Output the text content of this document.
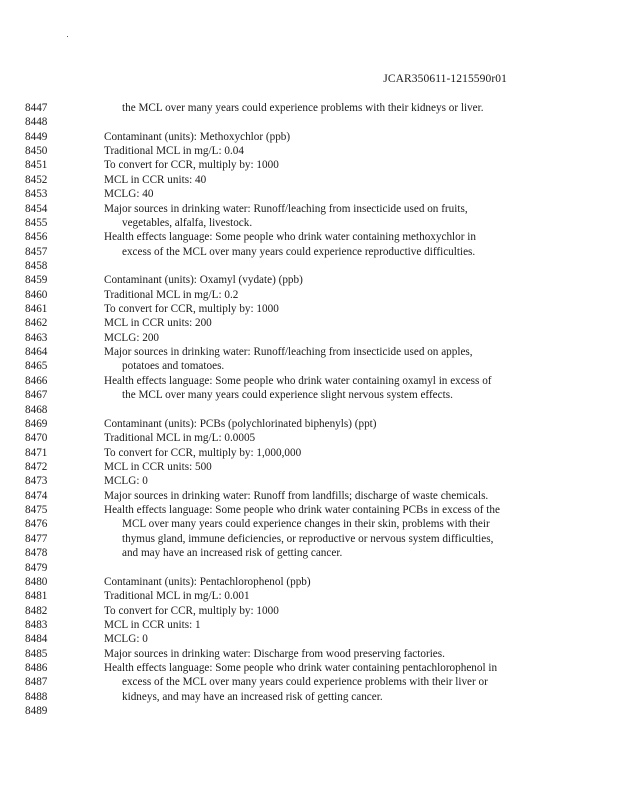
JCAR350611-1215590r01
8447	the MCL over many years could experience problems with their kidneys or liver.
8448
8449	Contaminant (units): Methoxychlor (ppb)
8450	Traditional MCL in mg/L: 0.04
8451	To convert for CCR, multiply by: 1000
8452	MCL in CCR units: 40
8453	MCLG: 40
8454	Major sources in drinking water: Runoff/leaching from insecticide used on fruits,
8455	vegetables, alfalfa, livestock.
8456	Health effects language: Some people who drink water containing methoxychlor in
8457	excess of the MCL over many years could experience reproductive difficulties.
8458
8459	Contaminant (units): Oxamyl (vydate) (ppb)
8460	Traditional MCL in mg/L: 0.2
8461	To convert for CCR, multiply by: 1000
8462	MCL in CCR units: 200
8463	MCLG: 200
8464	Major sources in drinking water: Runoff/leaching from insecticide used on apples,
8465	potatoes and tomatoes.
8466	Health effects language: Some people who drink water containing oxamyl in excess of
8467	the MCL over many years could experience slight nervous system effects.
8468
8469	Contaminant (units): PCBs (polychlorinated biphenyls) (ppt)
8470	Traditional MCL in mg/L: 0.0005
8471	To convert for CCR, multiply by: 1,000,000
8472	MCL in CCR units: 500
8473	MCLG: 0
8474	Major sources in drinking water: Runoff from landfills; discharge of waste chemicals.
8475	Health effects language: Some people who drink water containing PCBs in excess of the
8476	MCL over many years could experience changes in their skin, problems with their
8477	thymus gland, immune deficiencies, or reproductive or nervous system difficulties,
8478	and may have an increased risk of getting cancer.
8479
8480	Contaminant (units): Pentachlorophenol (ppb)
8481	Traditional MCL in mg/L: 0.001
8482	To convert for CCR, multiply by: 1000
8483	MCL in CCR units: 1
8484	MCLG: 0
8485	Major sources in drinking water: Discharge from wood preserving factories.
8486	Health effects language: Some people who drink water containing pentachlorophenol in
8487	excess of the MCL over many years could experience problems with their liver or
8488	kidneys, and may have an increased risk of getting cancer.
8489
